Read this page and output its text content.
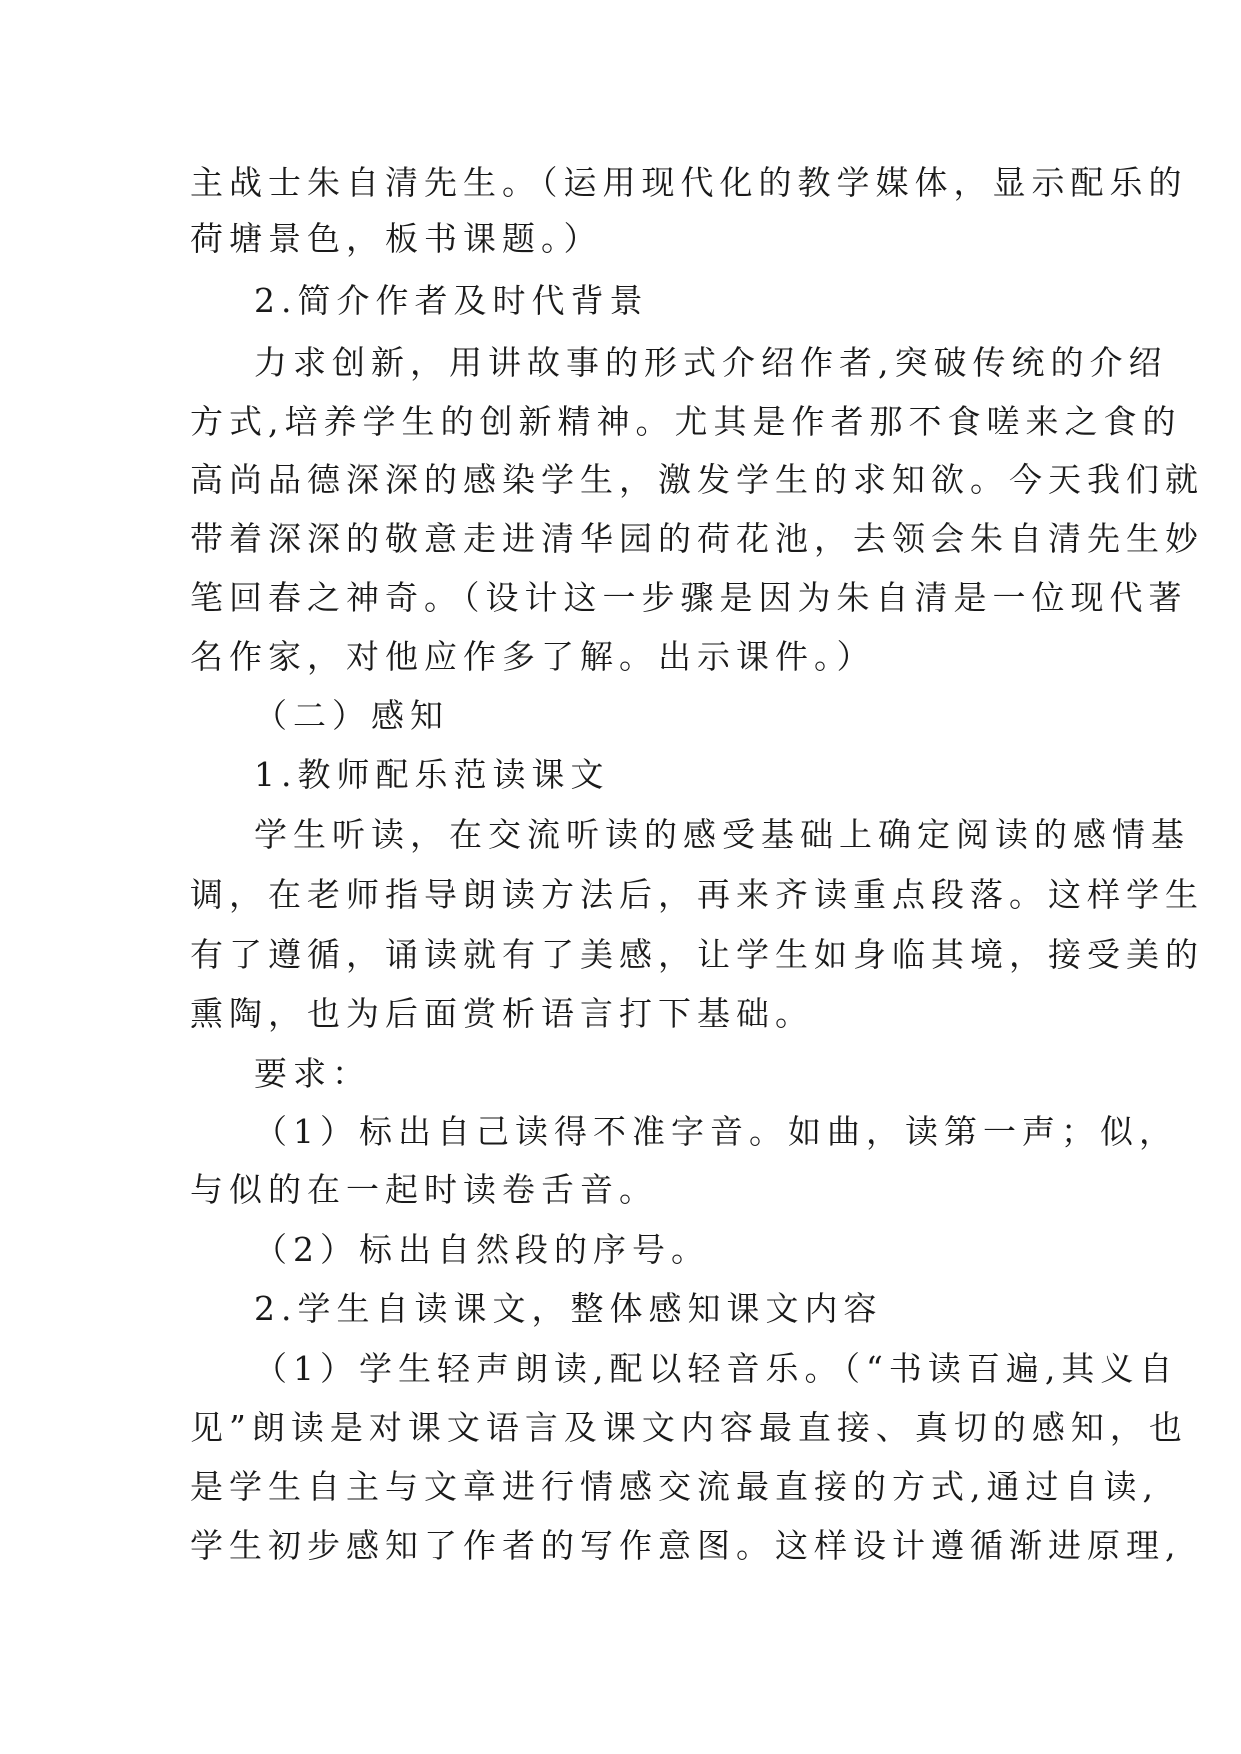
主战士朱自清先生。（运用现代化的教学媒体，显示配乐的
荷塘景色，板书课题。）
2.简介作者及时代背景
力求创新，用讲故事的形式介绍作者,突破传统的介绍
方式,培养学生的创新精神。尤其是作者那不食嗟来之食的
高尚品德深深的感染学生，激发学生的求知欲。今天我们就
带着深深的敬意走进清华园的荷花池，去领会朱自清先生妙
笔回春之神奇。（设计这一步骤是因为朱自清是一位现代著
名作家，对他应作多了解。出示课件。）
（二）感知
1.教师配乐范读课文
学生听读，在交流听读的感受基础上确定阅读的感情基
调，在老师指导朗读方法后，再来齐读重点段落。这样学生
有了遵循，诵读就有了美感，让学生如身临其境，接受美的
熏陶，也为后面赏析语言打下基础。
要求：
（1）标出自己读得不准字音。如曲，读第一声；似，
与似的在一起时读卷舌音。
（2）标出自然段的序号。
2.学生自读课文，整体感知课文内容
（1）学生轻声朗读,配以轻音乐。（“书读百遍,其义自
见”朗读是对课文语言及课文内容最直接、真切的感知，也
是学生自主与文章进行情感交流最直接的方式,通过自读,
学生初步感知了作者的写作意图。这样设计遵循渐进原理,
